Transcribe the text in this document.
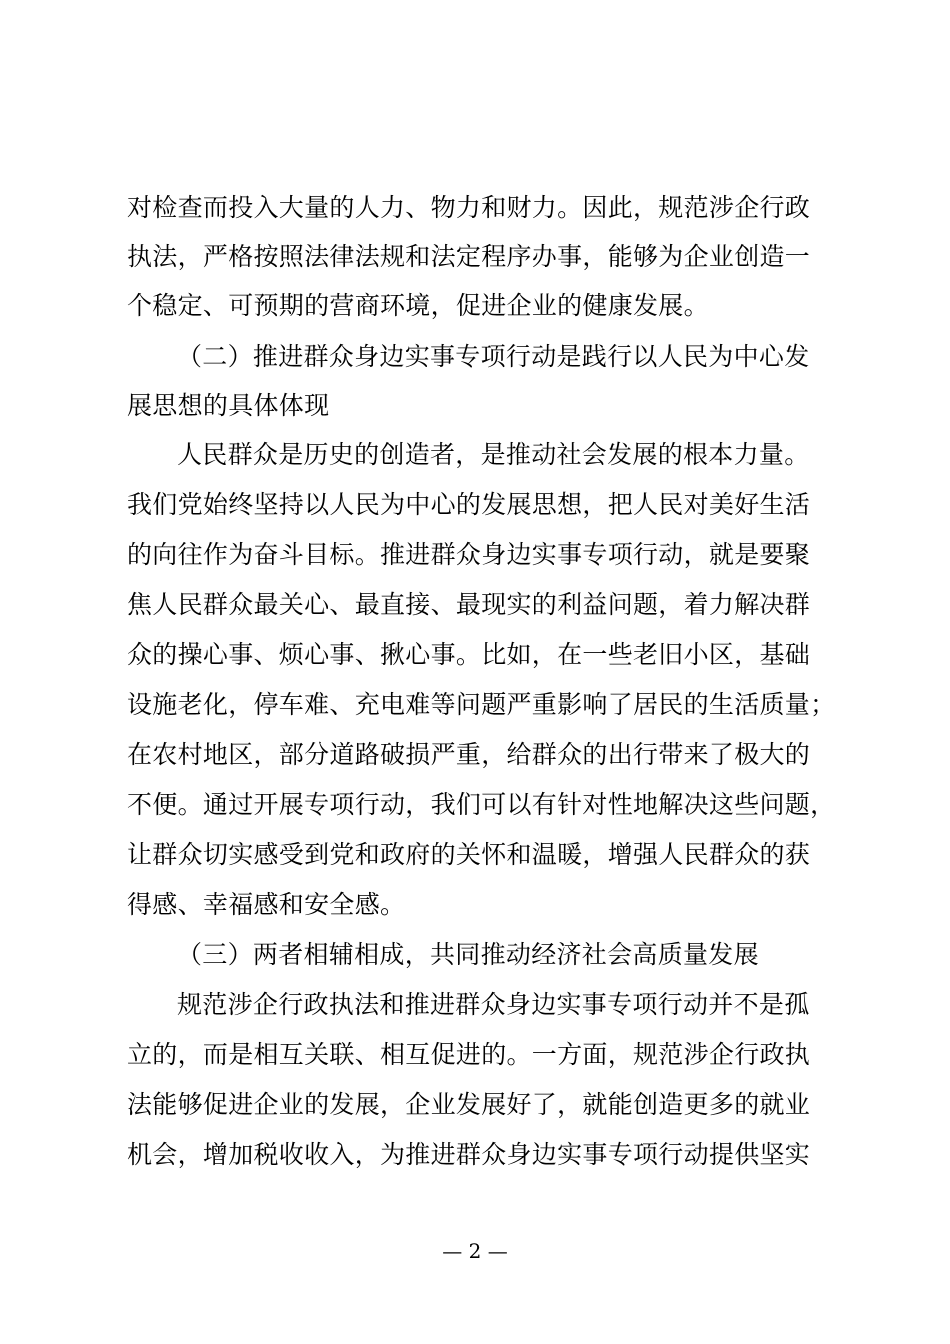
对检查而投入大量的人力、物力和财力。因此，规范涉企行政
执法，严格按照法律法规和法定程序办事，能够为企业创造一
个稳定、可预期的营商环境，促进企业的健康发展。
（二）推进群众身边实事专项行动是践行以人民为中心发
展思想的具体体现
人民群众是历史的创造者，是推动社会发展的根本力量。
我们党始终坚持以人民为中心的发展思想，把人民对美好生活
的向往作为奋斗目标。推进群众身边实事专项行动，就是要聚
焦人民群众最关心、最直接、最现实的利益问题，着力解决群
众的操心事、烦心事、揪心事。比如，在一些老旧小区，基础
设施老化，停车难、充电难等问题严重影响了居民的生活质量；
在农村地区，部分道路破损严重，给群众的出行带来了极大的
不便。通过开展专项行动，我们可以有针对性地解决这些问题，
让群众切实感受到党和政府的关怀和温暖，增强人民群众的获
得感、幸福感和安全感。
（三）两者相辅相成，共同推动经济社会高质量发展
规范涉企行政执法和推进群众身边实事专项行动并不是孤
立的，而是相互关联、相互促进的。一方面，规范涉企行政执
法能够促进企业的发展，企业发展好了，就能创造更多的就业
机会，增加税收收入，为推进群众身边实事专项行动提供坚实
— 2 —
